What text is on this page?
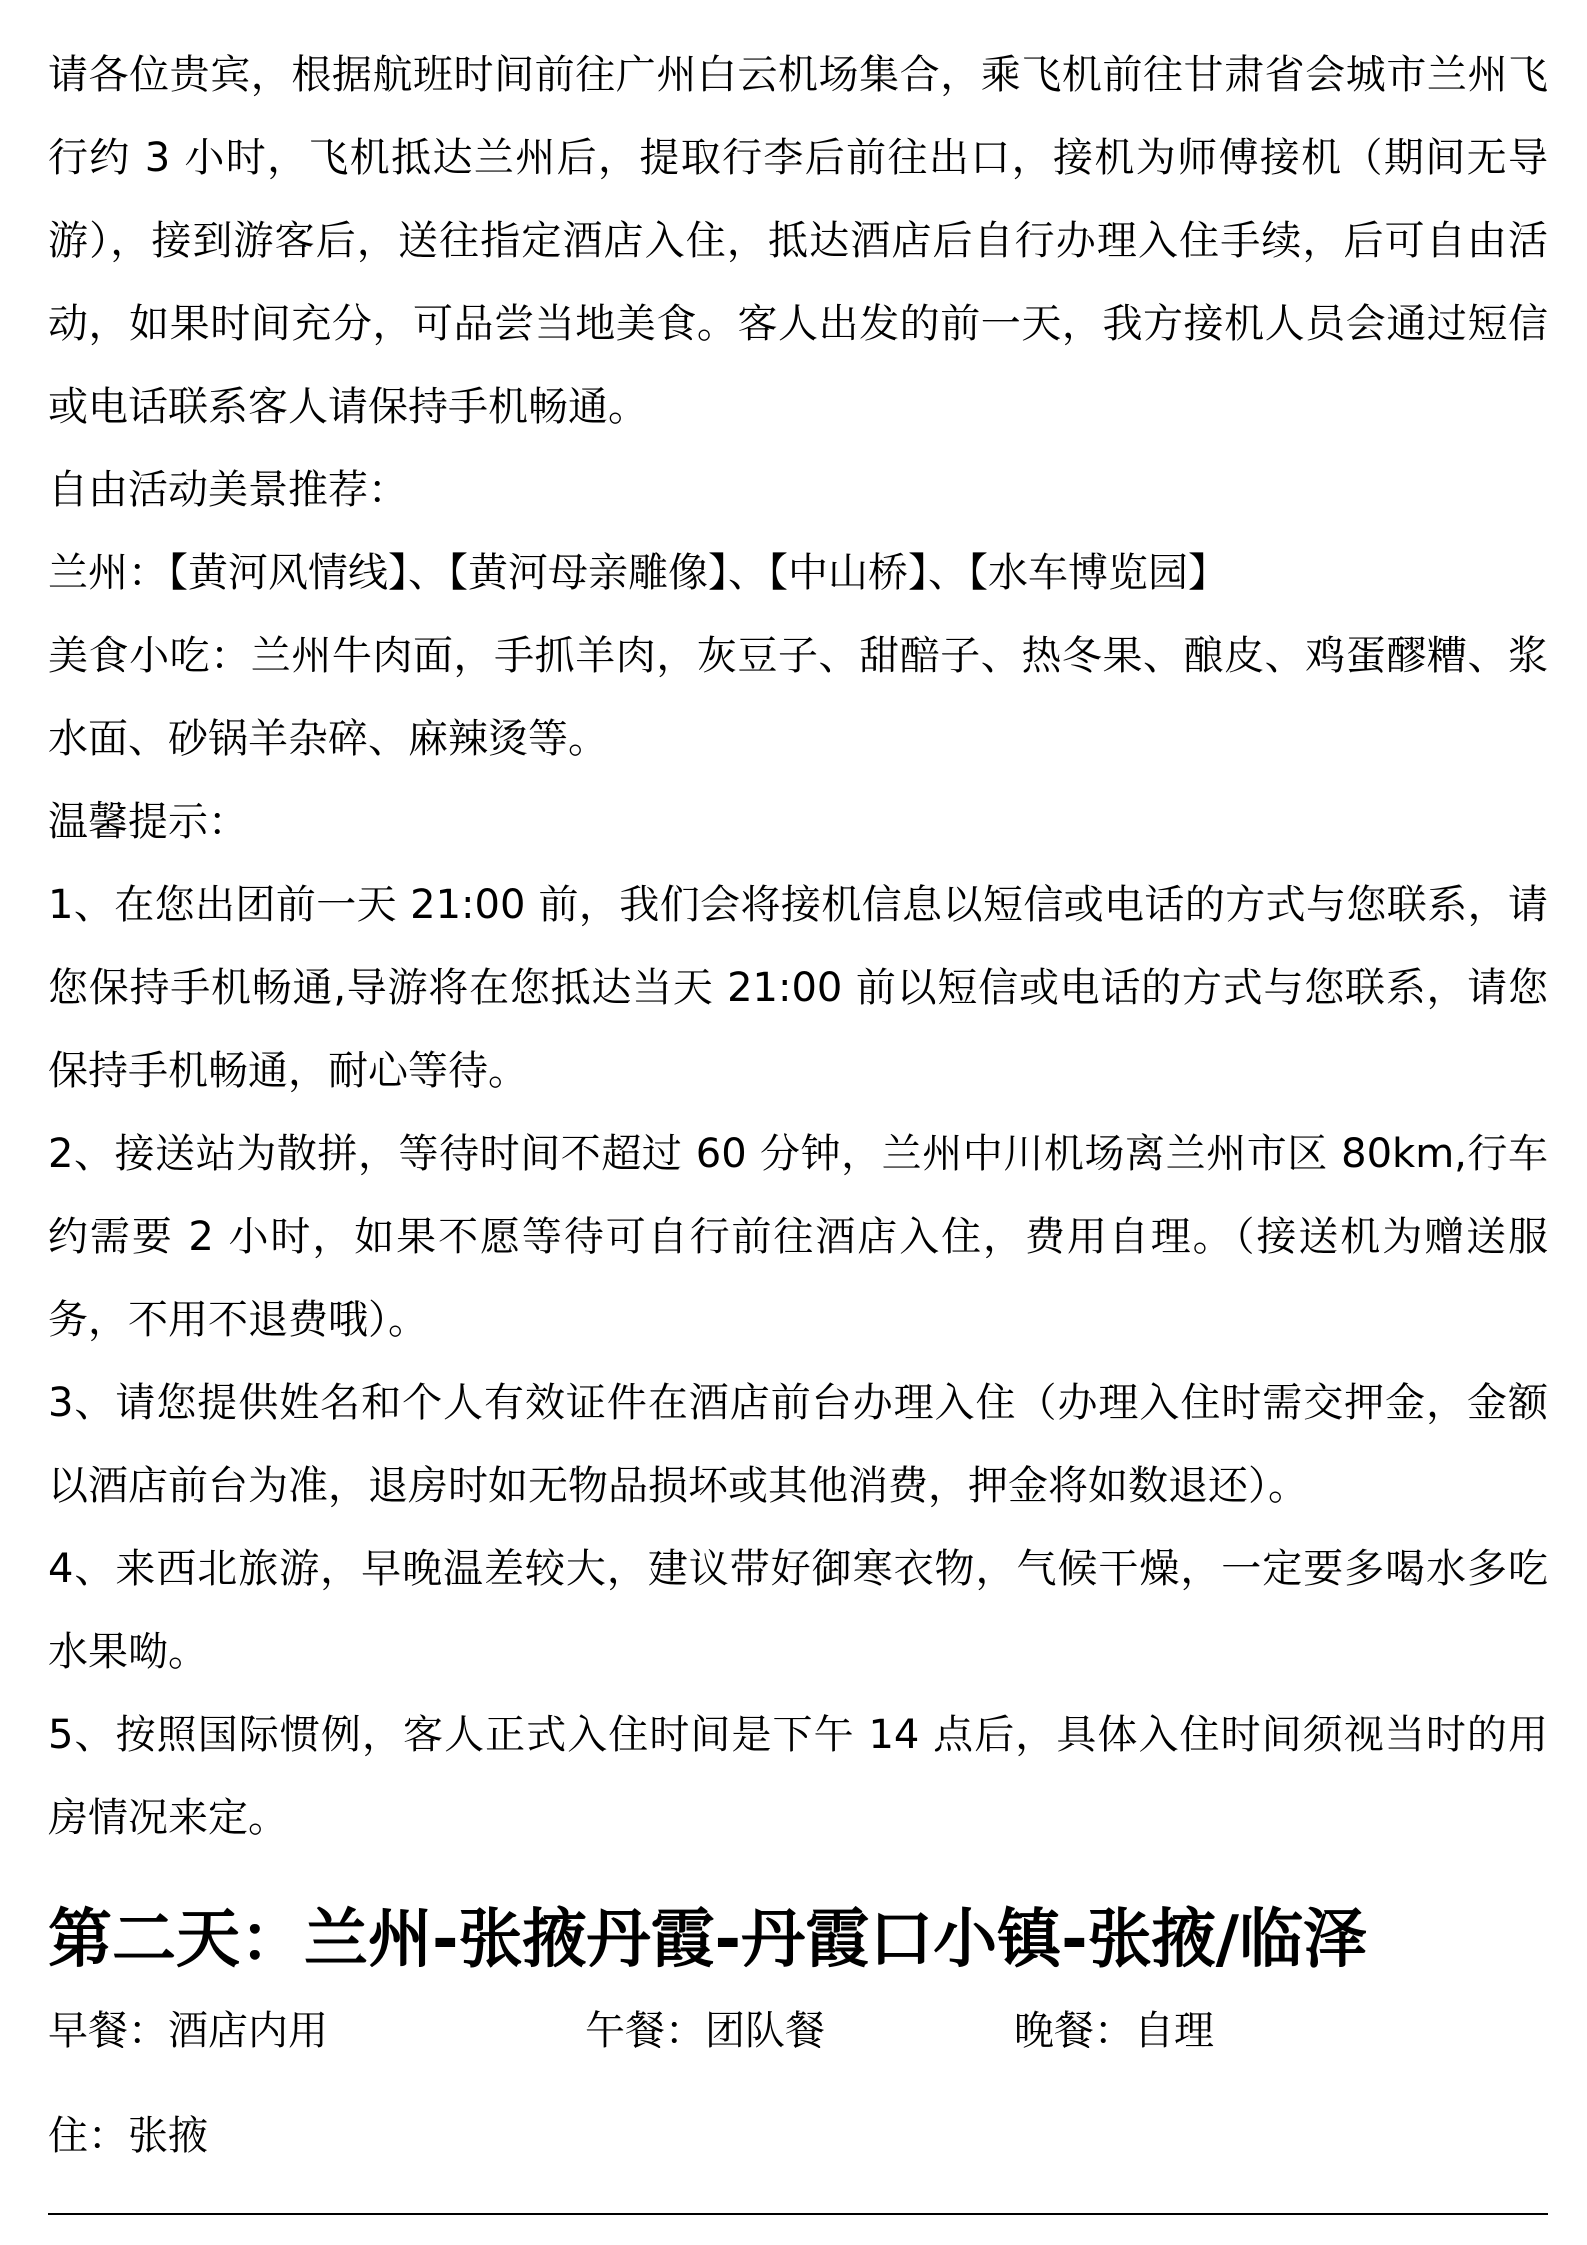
请各位贵宾，根据航班时间前往广州白云机场集合，乘飞机前往甘肃省会城市兰州飞行约 3 小时，飞机抵达兰州后，提取行李后前往出口，接机为师傅接机（期间无导游），接到游客后，送往指定酒店入住，抵达酒店后自行办理入住手续，后可自由活动，如果时间充分，可品尝当地美食。客人出发的前一天，我方接机人员会通过短信或电话联系客人请保持手机畅通。

自由活动美景推荐：

兰州：【黄河风情线】、【黄河母亲雕像】、【中山桥】、【水车博览园】

美食小吃：兰州牛肉面，手抓羊肉，灰豆子、甜醅子、热冬果、酿皮、鸡蛋醪糟、浆水面、砂锅羊杂碎、麻辣烫等。

温馨提示：

1、在您出团前一天 21:00 前，我们会将接机信息以短信或电话的方式与您联系，请您保持手机畅通,导游将在您抵达当天 21:00 前以短信或电话的方式与您联系，请您保持手机畅通，耐心等待。

2、接送站为散拼，等待时间不超过 60 分钟，兰州中川机场离兰州市区 80km,行车约需要 2 小时，如果不愿等待可自行前往酒店入住，费用自理。（接送机为赠送服务，不用不退费哦）。

3、请您提供姓名和个人有效证件在酒店前台办理入住（办理入住时需交押金，金额以酒店前台为准，退房时如无物品损坏或其他消费，押金将如数退还）。

4、来西北旅游，早晚温差较大，建议带好御寒衣物，气候干燥，一定要多喝水多吃水果呦。

5、按照国际惯例，客人正式入住时间是下午 14 点后，具体入住时间须视当时的用房情况来定。

第二天：兰州-张掖丹霞-丹霞口小镇-张掖/临泽
早餐：酒店内用	午餐：团队餐	晚餐：自理
住：张掖
